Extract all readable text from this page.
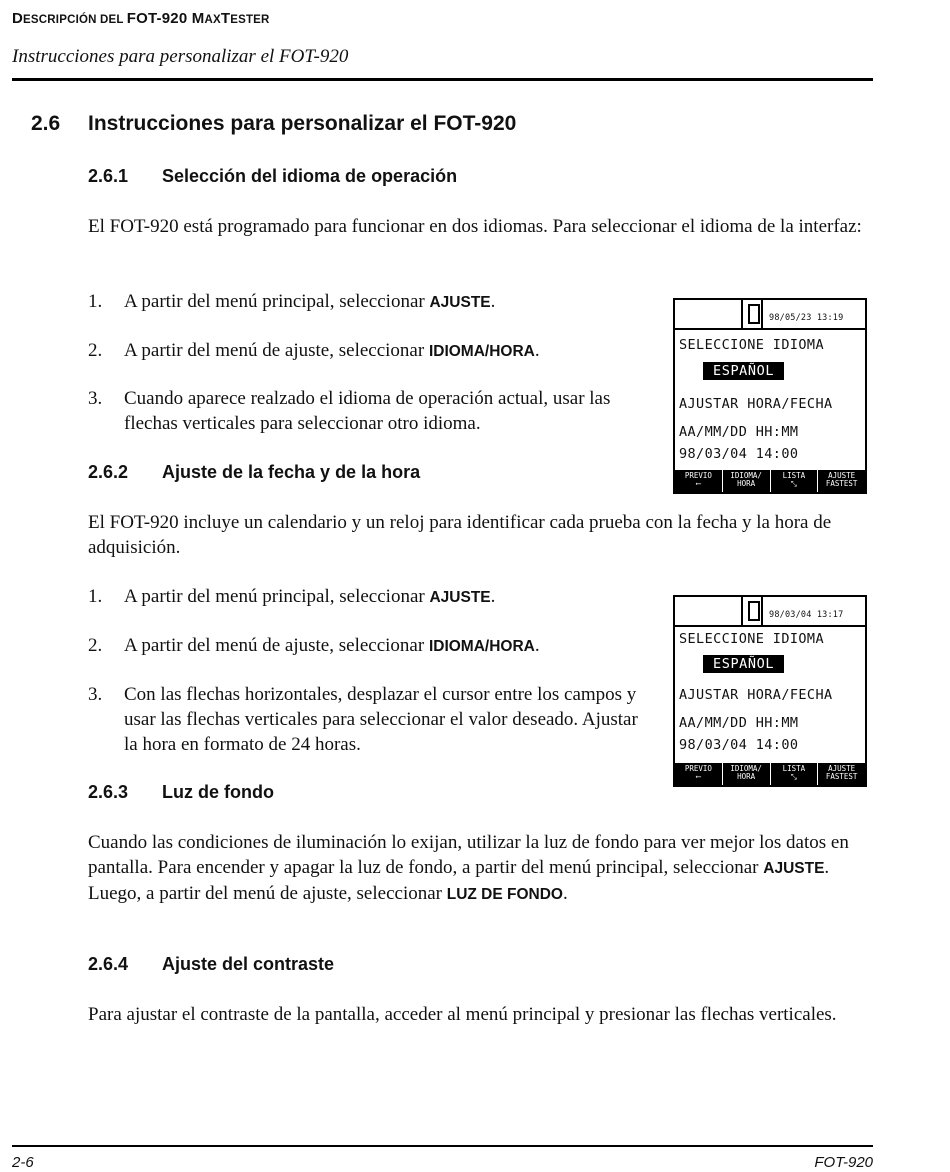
DESCRIPCIÓN DEL FOT-920 MAXTESTER
Instrucciones para personalizar el FOT-920
2.6 Instrucciones para personalizar el FOT-920
2.6.1 Selección del idioma de operación
El FOT-920 está programado para funcionar en dos idiomas. Para seleccionar el idioma de la interfaz:
1. A partir del menú principal, seleccionar AJUSTE.
2. A partir del menú de ajuste, seleccionar IDIOMA/HORA.
3. Cuando aparece realzado el idioma de operación actual, usar las flechas verticales para seleccionar otro idioma.
98/05/23 13:19
SELECCIONE IDIOMA
ESPAÑOL
AJUSTAR HORA/FECHA
AA/MM/DD HH:MM
98/03/04 14:00
PREVIO
⟵
IDIOMA/
HORA
LISTA
⤡
AJUSTE
FASTEST
2.6.2 Ajuste de la fecha y de la hora
El FOT-920 incluye un calendario y un reloj para identificar cada prueba con la fecha y la hora de adquisición.
1. A partir del menú principal, seleccionar AJUSTE.
2. A partir del menú de ajuste, seleccionar IDIOMA/HORA.
3. Con las flechas horizontales, desplazar el cursor entre los campos y usar las flechas verticales para seleccionar el valor deseado. Ajustar la hora en formato de 24 horas.
98/03/04 13:17
SELECCIONE IDIOMA
ESPAÑOL
AJUSTAR HORA/FECHA
AA/MM/DD HH:MM
98/03/04 14:00
PREVIO
⟵
IDIOMA/
HORA
LISTA
⤡
AJUSTE
FASTEST
2.6.3 Luz de fondo
Cuando las condiciones de iluminación lo exijan, utilizar la luz de fondo para ver mejor los datos en pantalla. Para encender y apagar la luz de fondo, a partir del menú principal, seleccionar AJUSTE. Luego, a partir del menú de ajuste, seleccionar LUZ DE FONDO.
2.6.4 Ajuste del contraste
Para ajustar el contraste de la pantalla, acceder al menú principal y presionar las flechas verticales.
2-6	FOT-920
